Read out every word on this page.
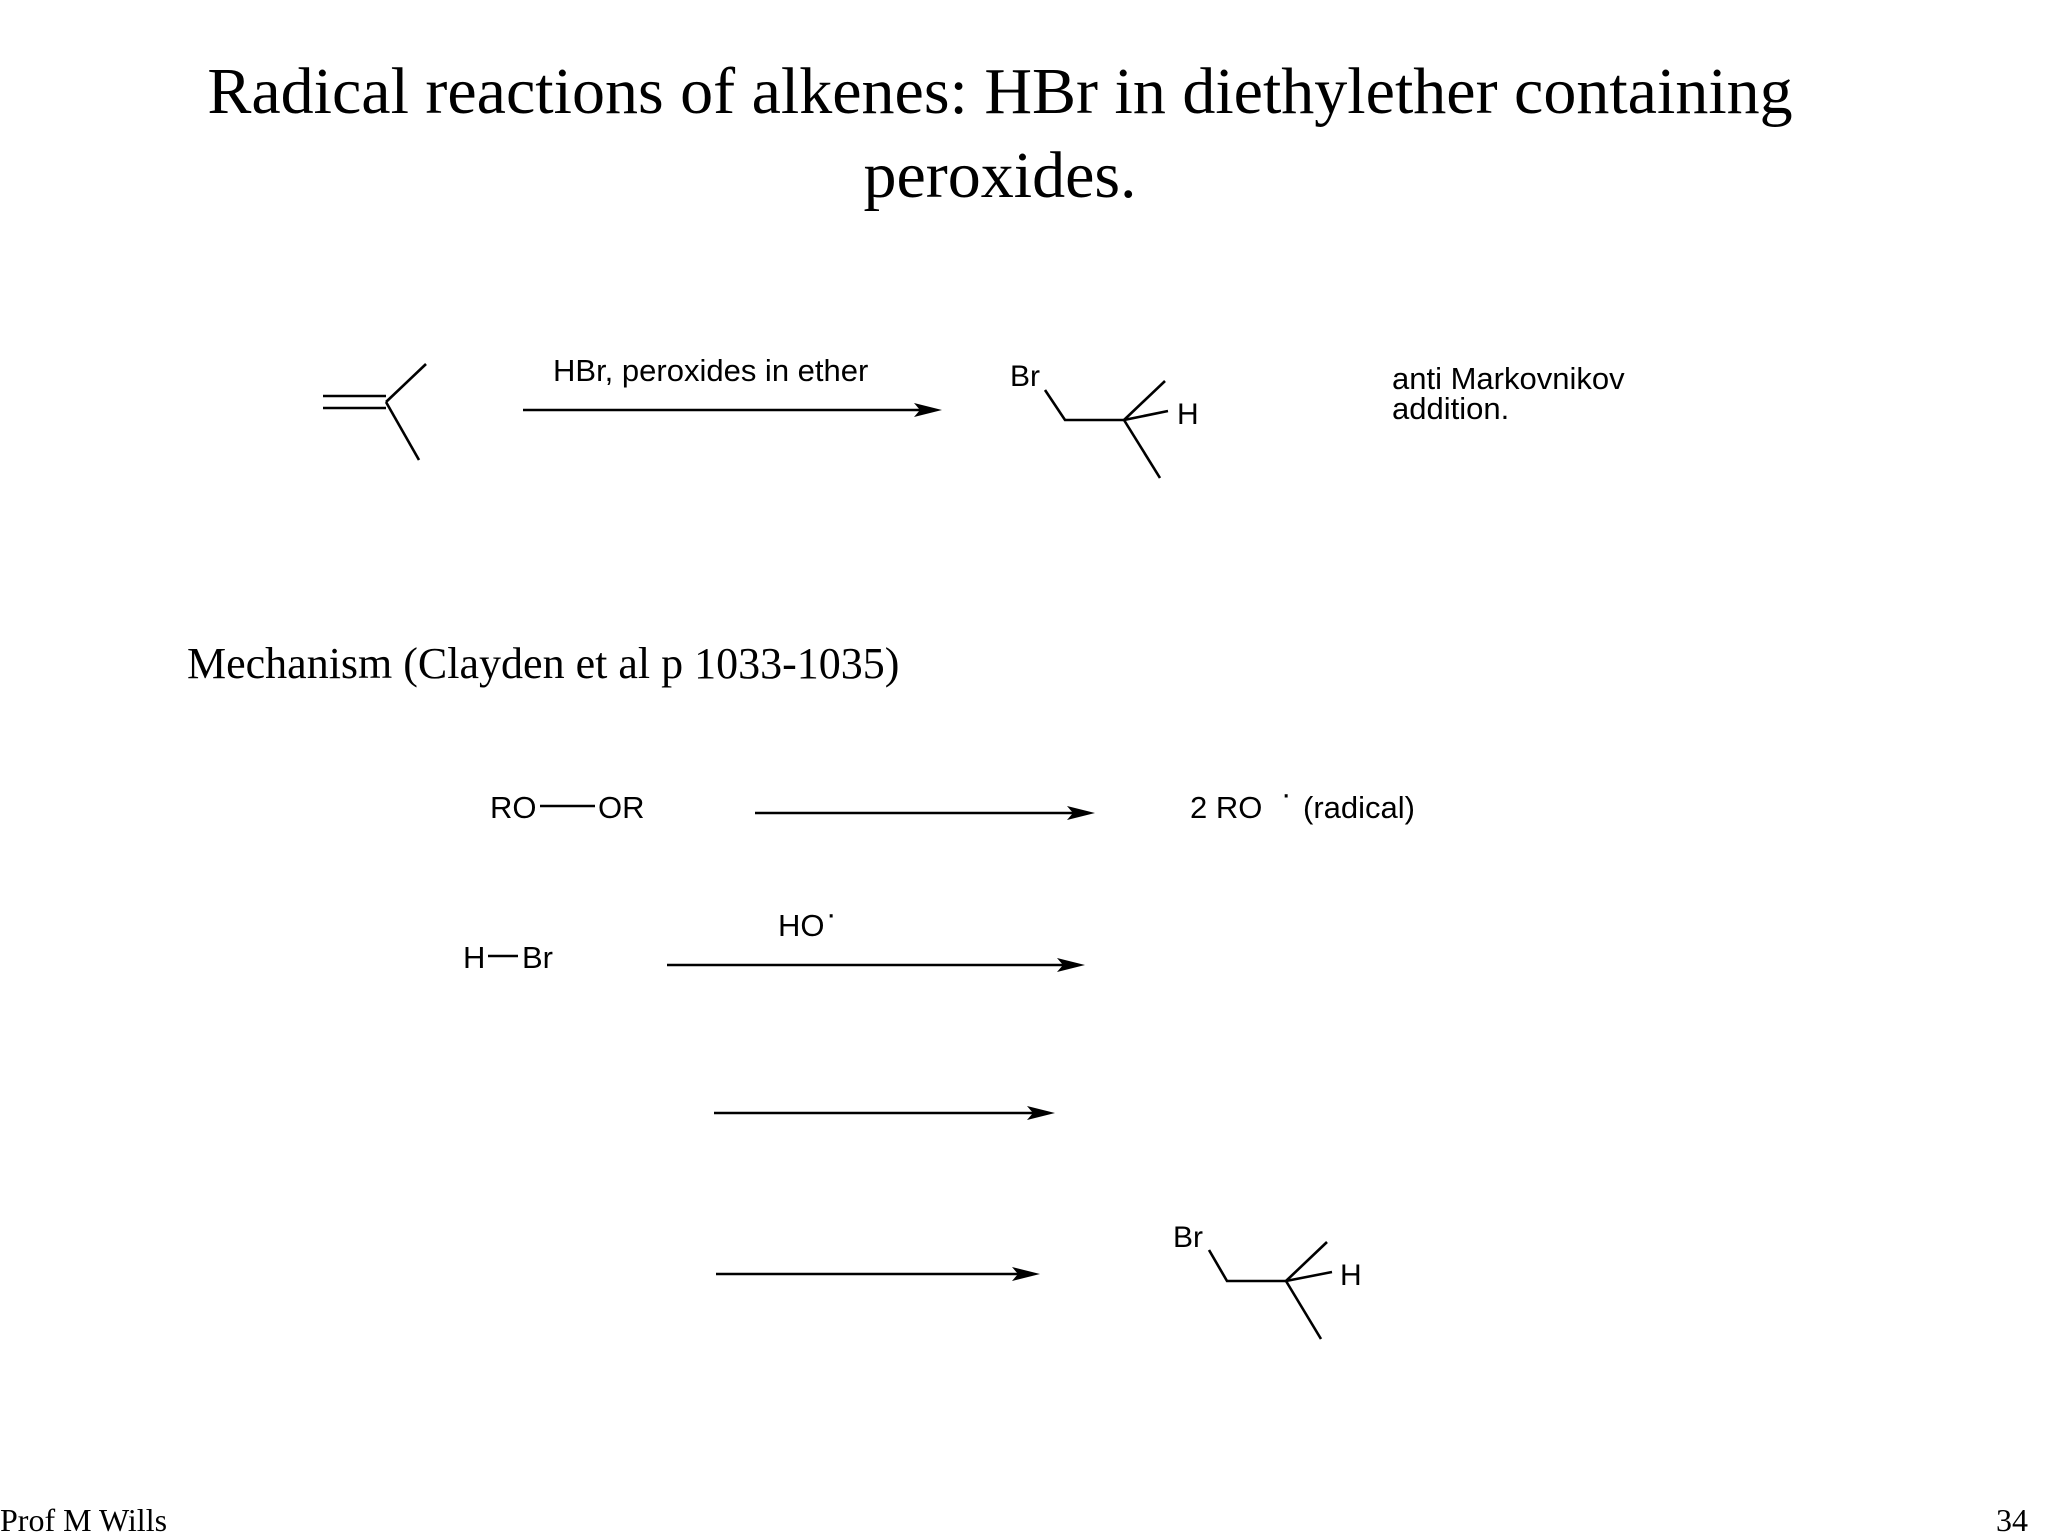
Radical reactions of alkenes: HBr in diethylether containing
peroxides.
HBr, peroxides in ether	Br
H
anti Markovnikov
addition.
RO OR	2 RO · (radical)
H Br
HO ·
Br
H
Mechanism (Clayden et al p 1033-1035)
Prof M Wills	34
